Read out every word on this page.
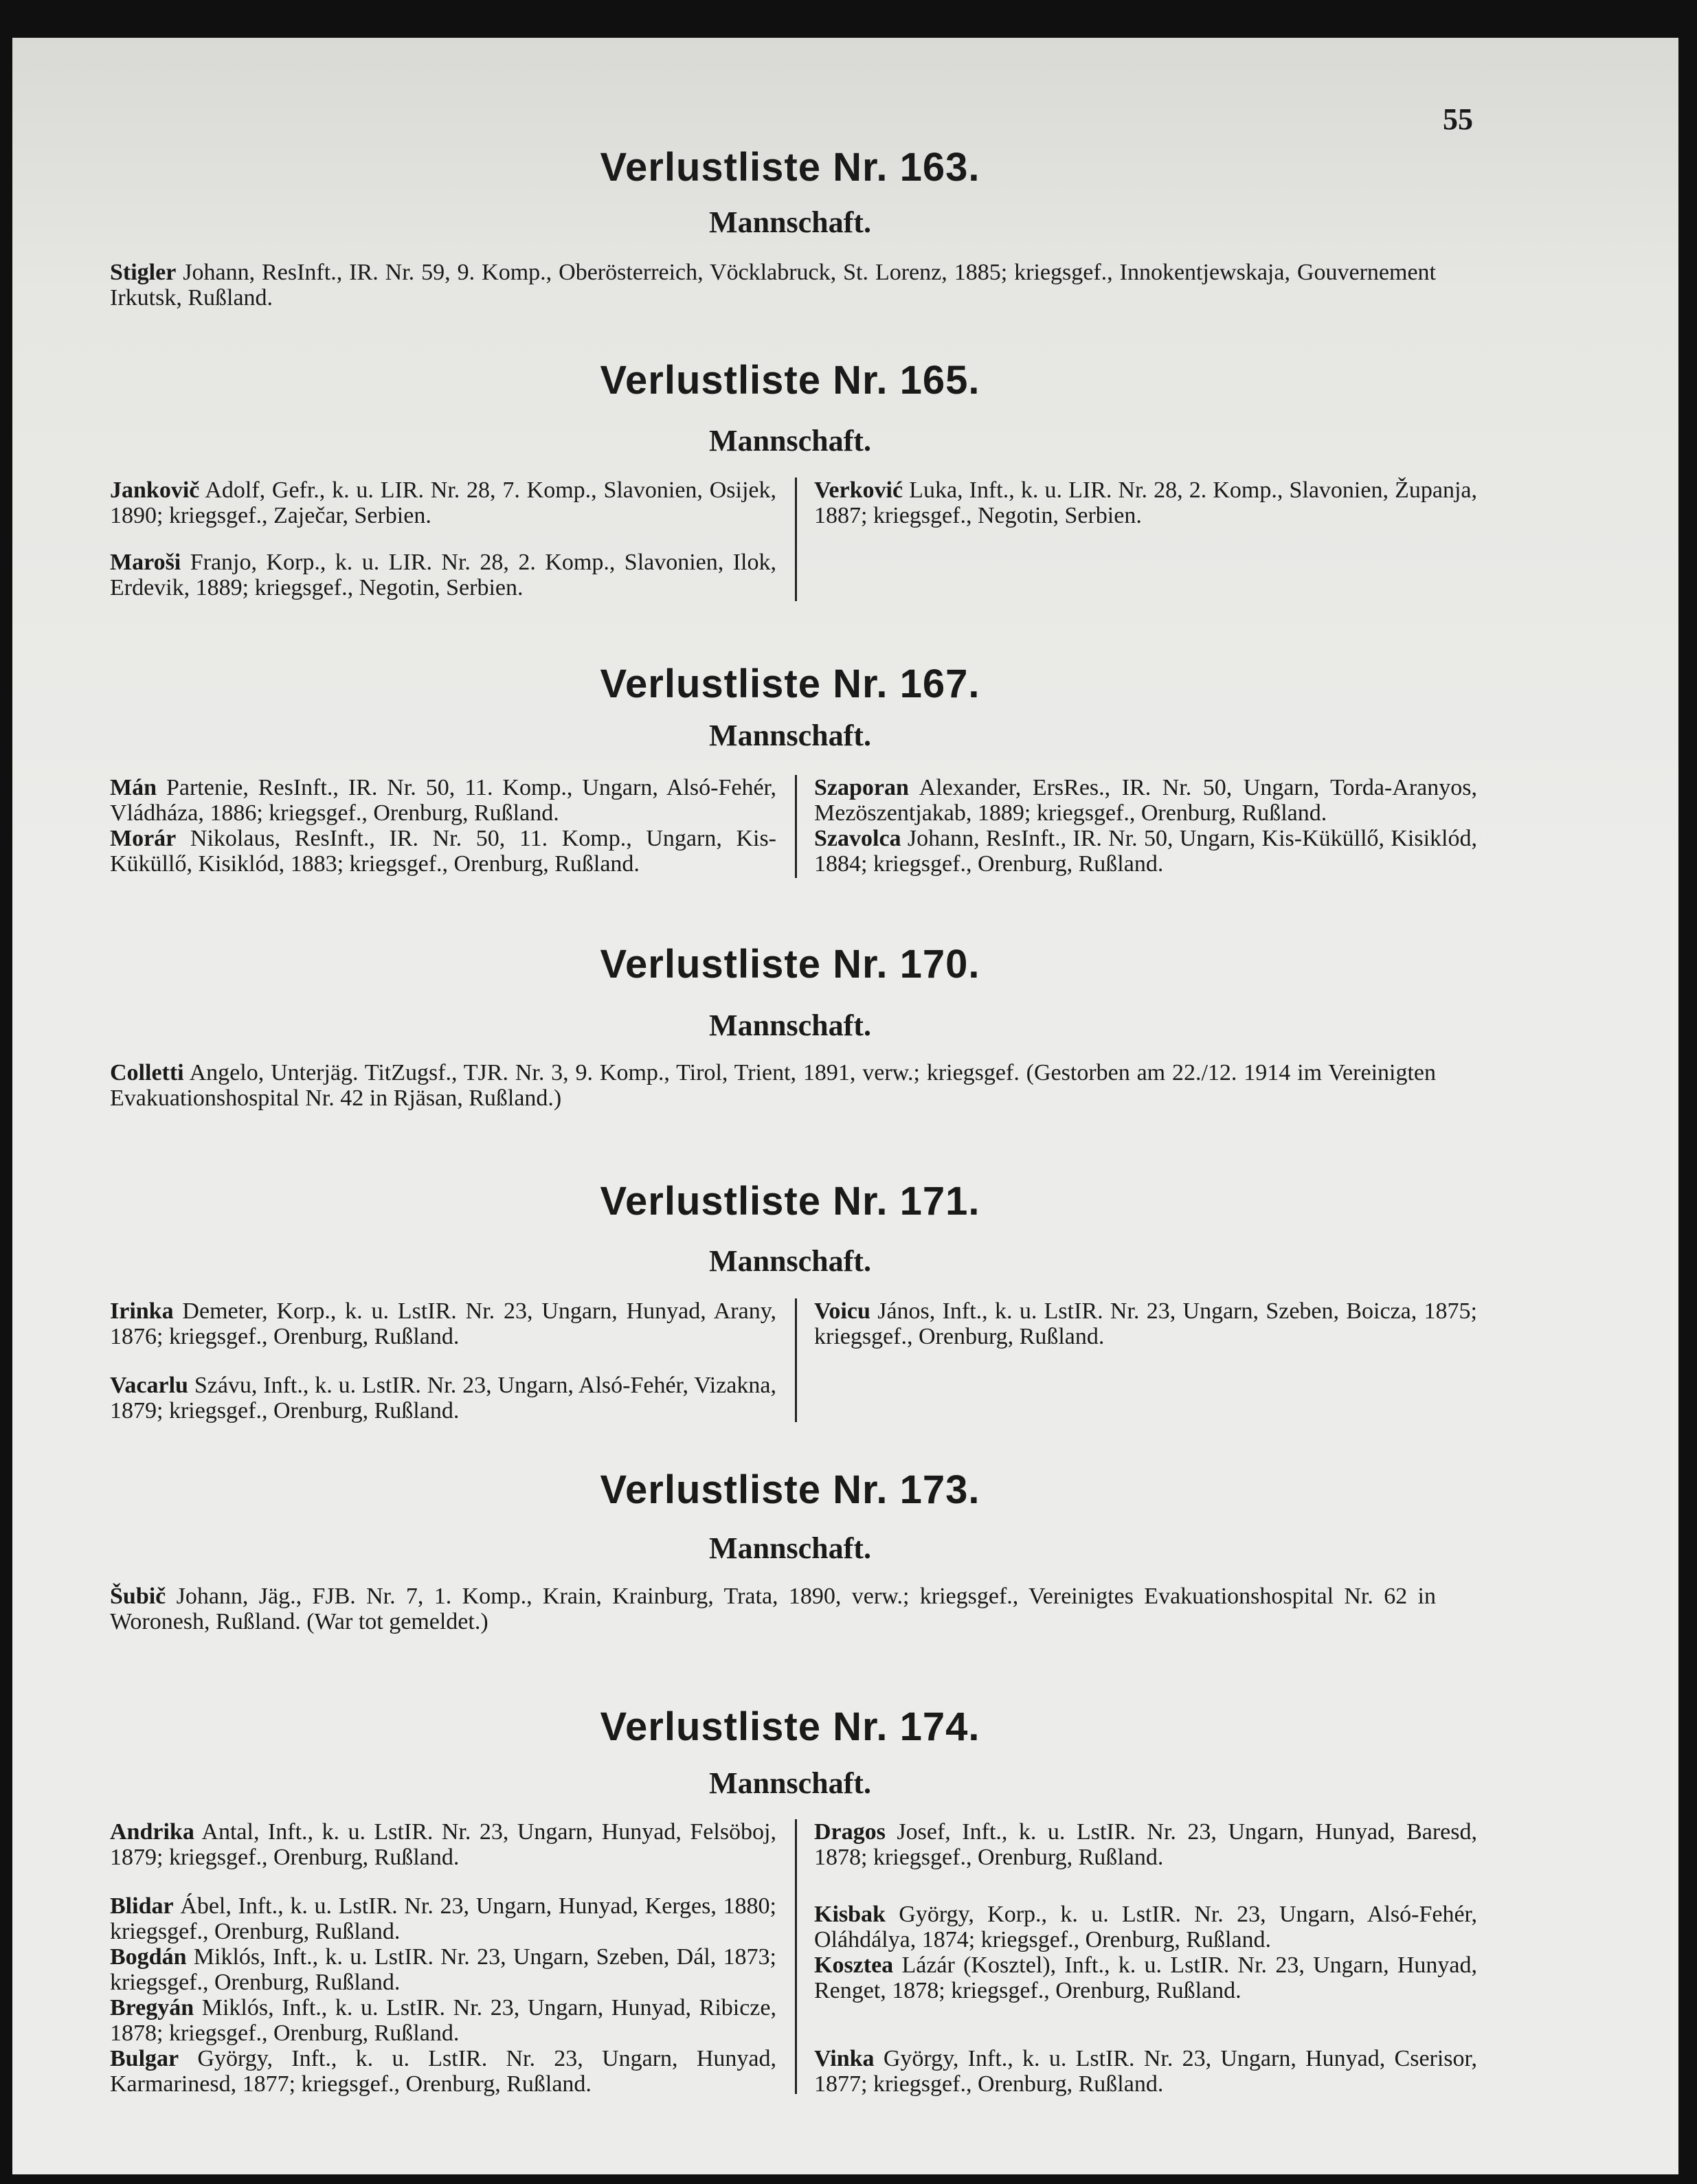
55
Verlustliste Nr. 163.
Mannschaft.
Stigler Johann, ResInft., IR. Nr. 59, 9. Komp., Oberösterreich, Vöcklabruck, St. Lorenz, 1885; kriegsgef., Innokentjewskaja, Gouvernement Irkutsk, Rußland.
Verlustliste Nr. 165.
Mannschaft.
Jankovič Adolf, Gefr., k. u. LIR. Nr. 28, 7. Komp., Slavonien, Osijek, 1890; kriegsgef., Zaječar, Serbien.
Maroši Franjo, Korp., k. u. LIR. Nr. 28, 2. Komp., Slavonien, Ilok, Erdevik, 1889; kriegsgef., Negotin, Serbien.
Verković Luka, Inft., k. u. LIR. Nr. 28, 2. Komp., Slavonien, Županja, 1887; kriegsgef., Negotin, Serbien.
Verlustliste Nr. 167.
Mannschaft.
Mán Partenie, ResInft., IR. Nr. 50, 11. Komp., Ungarn, Alsó-Fehér, Vládháza, 1886; kriegsgef., Orenburg, Rußland.
Morár Nikolaus, ResInft., IR. Nr. 50, 11. Komp., Ungarn, Kis-Küküllő, Kisiklód, 1883; kriegsgef., Orenburg, Rußland.
Szaporan Alexander, ErsRes., IR. Nr. 50, Ungarn, Torda-Aranyos, Mezöszentjakab, 1889; kriegsgef., Orenburg, Rußland.
Szavolca Johann, ResInft., IR. Nr. 50, Ungarn, Kis-Küküllő, Kisiklód, 1884; kriegsgef., Orenburg, Rußland.
Verlustliste Nr. 170.
Mannschaft.
Colletti Angelo, Unterjäg. TitZugsf., TJR. Nr. 3, 9. Komp., Tirol, Trient, 1891, verw.; kriegsgef. (Gestorben am 22./12. 1914 im Vereinigten Evakuationshospital Nr. 42 in Rjäsan, Rußland.)
Verlustliste Nr. 171.
Mannschaft.
Irinka Demeter, Korp., k. u. LstIR. Nr. 23, Ungarn, Hunyad, Arany, 1876; kriegsgef., Orenburg, Rußland.
Vacarlu Szávu, Inft., k. u. LstIR. Nr. 23, Ungarn, Alsó-Fehér, Vizakna, 1879; kriegsgef., Orenburg, Rußland.
Voicu János, Inft., k. u. LstIR. Nr. 23, Ungarn, Szeben, Boicza, 1875; kriegsgef., Orenburg, Rußland.
Verlustliste Nr. 173.
Mannschaft.
Šubič Johann, Jäg., FJB. Nr. 7, 1. Komp., Krain, Krainburg, Trata, 1890, verw.; kriegsgef., Vereinigtes Evakuationshospital Nr. 62 in Woronesh, Rußland. (War tot gemeldet.)
Verlustliste Nr. 174.
Mannschaft.
Andrika Antal, Inft., k. u. LstIR. Nr. 23, Ungarn, Hunyad, Felsöboj, 1879; kriegsgef., Orenburg, Rußland.
Blidar Ábel, Inft., k. u. LstIR. Nr. 23, Ungarn, Hunyad, Kerges, 1880; kriegsgef., Orenburg, Rußland.
Bogdán Miklós, Inft., k. u. LstIR. Nr. 23, Ungarn, Szeben, Dál, 1873; kriegsgef., Orenburg, Rußland.
Bregyán Miklós, Inft., k. u. LstIR. Nr. 23, Ungarn, Hunyad, Ribicze, 1878; kriegsgef., Orenburg, Rußland.
Bulgar György, Inft., k. u. LstIR. Nr. 23, Ungarn, Hunyad, Karmarinesd, 1877; kriegsgef., Orenburg, Rußland.
Dragos Josef, Inft., k. u. LstIR. Nr. 23, Ungarn, Hunyad, Baresd, 1878; kriegsgef., Orenburg, Rußland.
Kisbak György, Korp., k. u. LstIR. Nr. 23, Ungarn, Alsó-Fehér, Oláhdálya, 1874; kriegsgef., Orenburg, Rußland.
Kosztea Lázár (Kosztel), Inft., k. u. LstIR. Nr. 23, Ungarn, Hunyad, Renget, 1878; kriegsgef., Orenburg, Rußland.
Vinka György, Inft., k. u. LstIR. Nr. 23, Ungarn, Hunyad, Cserisor, 1877; kriegsgef., Orenburg, Rußland.
